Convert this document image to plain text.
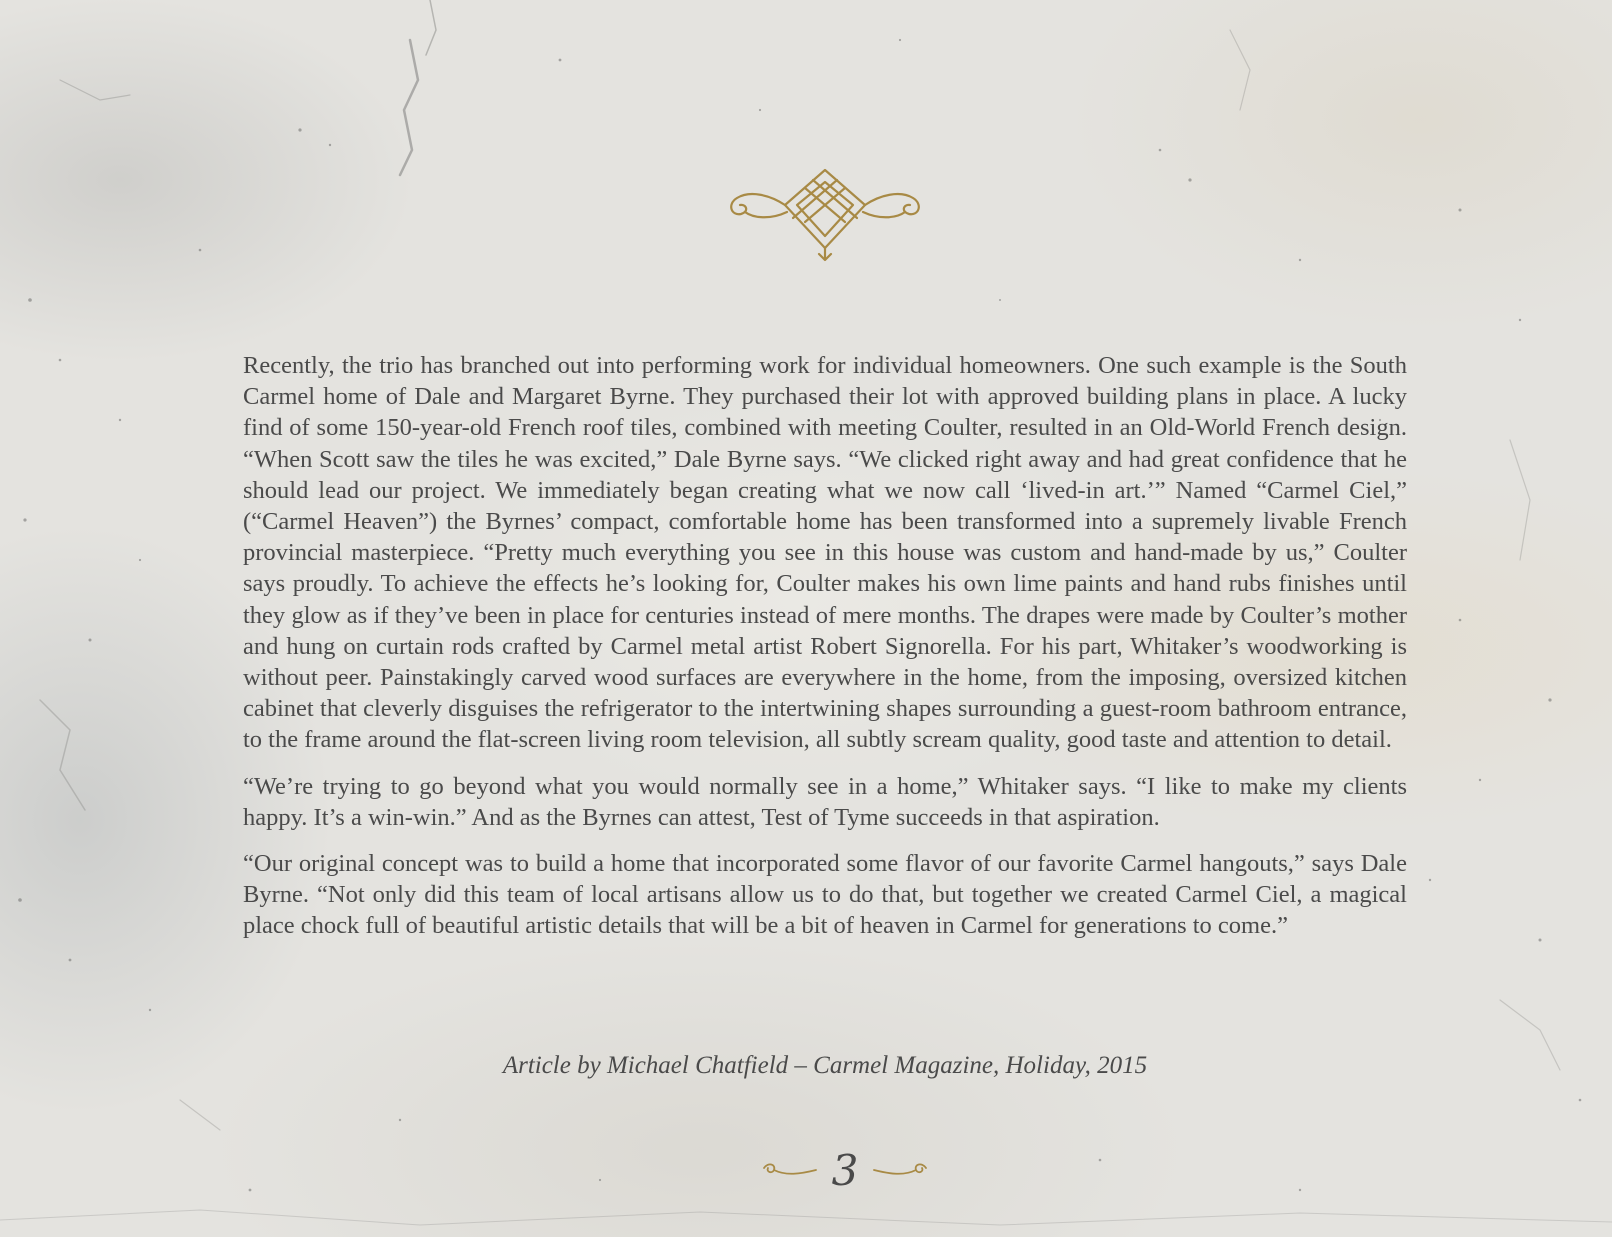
Recently, the trio has branched out into performing work for individual homeowners. One such example is the South Carmel home of Dale and Margaret Byrne. They purchased their lot with approved building plans in place. A lucky find of some 150-year-old French roof tiles, combined with meeting Coulter, resulted in an Old-World French design. “When Scott saw the tiles he was excited,” Dale Byrne says. “We clicked right away and had great confidence that he should lead our project. We immediately began creating what we now call ‘lived-in art.’” Named “Carmel Ciel,” (“Carmel Heaven”) the Byrnes’ compact, comfortable home has been transformed into a supremely livable French provincial masterpiece. “Pretty much everything you see in this house was custom and hand-made by us,” Coulter says proudly. To achieve the effects he’s looking for, Coulter makes his own lime paints and hand rubs finishes until they glow as if they’ve been in place for centuries instead of mere months. The drapes were made by Coulter’s mother and hung on curtain rods crafted by Carmel metal artist Robert Signorella. For his part, Whitaker’s woodworking is without peer. Painstakingly carved wood surfaces are everywhere in the home, from the imposing, oversized kitchen cabinet that cleverly disguises the refrigerator to the intertwining shapes surrounding a guest-room bathroom entrance, to the frame around the flat-screen living room television, all subtly scream quality, good taste and attention to detail.

“We’re trying to go beyond what you would normally see in a home,” Whitaker says. “I like to make my clients happy. It’s a win-win.” And as the Byrnes can attest, Test of Tyme succeeds in that aspiration.

“Our original concept was to build a home that incorporated some flavor of our favorite Carmel hangouts,” says Dale Byrne. “Not only did this team of local artisans allow us to do that, but together we created Carmel Ciel, a magical place chock full of beautiful artistic details that will be a bit of heaven in Carmel for generations to come.”

Article by Michael Chatfield – Carmel Magazine, Holiday, 2015
3
